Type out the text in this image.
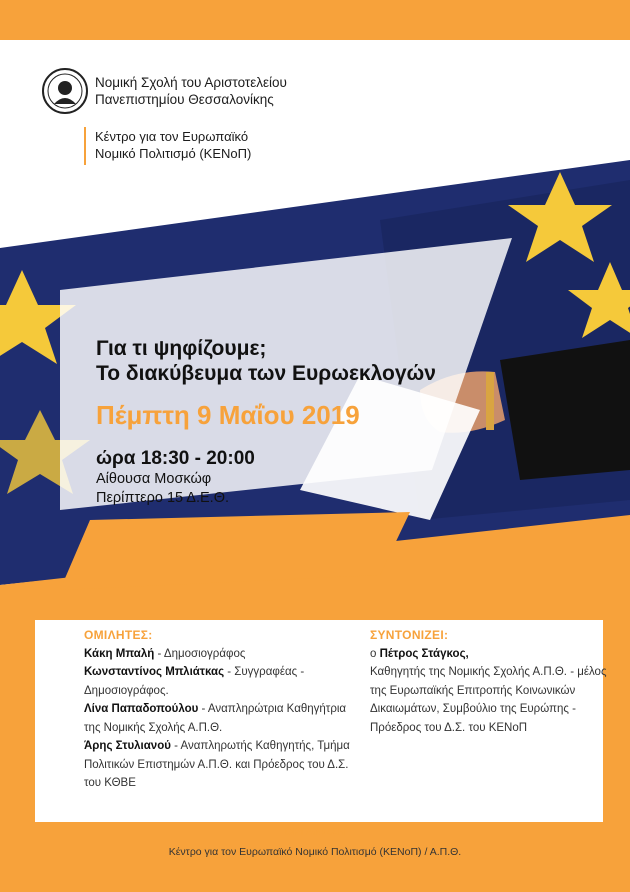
Νομική Σχολή του Αριστοτελείου
Πανεπιστημίου Θεσσαλονίκης
Κέντρο για τον Ευρωπαϊκό
Νομικό Πολιτισμό (ΚΕΝοΠ)
Για τι ψηφίζουμε;
Το διακύβευμα των Ευρωεκλογών
Πέμπτη 9 Μαΐου 2019
ώρα 18:30 - 20:00
Αίθουσα Μοσκώφ
Περίπτερο 15 Δ.Ε.Θ.
ΟΜΙΛΗΤΕΣ:
Κάκη Μπαλή - Δημοσιογράφος
Κωνσταντίνος Μπλιάτκας - Συγγραφέας - Δημοσιογράφος.
Λίνα Παπαδοπούλου - Αναπληρώτρια Καθηγήτρια της Νομικής Σχολής Α.Π.Θ.
Άρης Στυλιανού - Αναπληρωτής Καθηγητής, Τμήμα Πολιτικών Επιστημών Α.Π.Θ. και Πρόεδρος του Δ.Σ. του ΚΘΒΕ
ΣΥΝΤΟΝΙΖΕΙ:
ο Πέτρος Στάγκος,
Καθηγητής της Νομικής Σχολής Α.Π.Θ. - μέλος της Ευρωπαϊκής Επιτροπής Κοινωνικών Δικαιωμάτων, Συμβούλιο της Ευρώπης - Πρόεδρος του Δ.Σ. του ΚΕΝοΠ
ΟΡΓΑΝΩΣΗ
Κέντρο για τον Ευρωπαϊκό Νομικό Πολιτισμό (ΚΕΝοΠ) / Α.Π.Θ.
